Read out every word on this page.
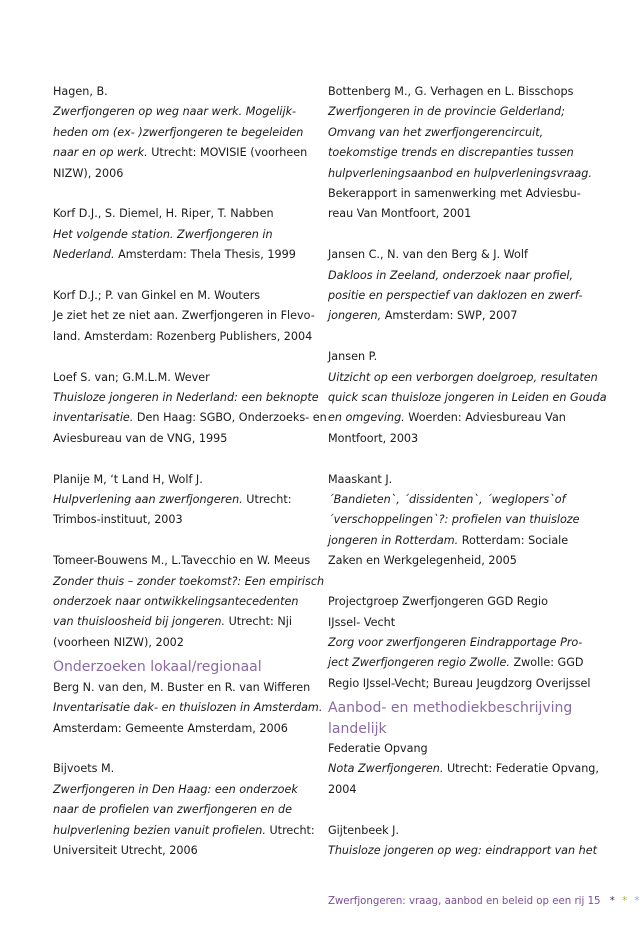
Hagen, B.
Zwerfjongeren op weg naar werk. Mogelijk-
heden om (ex- )zwerfjongeren te begeleiden
naar en op werk. Utrecht: MOVISIE (voorheen
NIZW), 2006
Korf D.J., S. Diemel, H. Riper, T. Nabben
Het volgende station. Zwerfjongeren in
Nederland. Amsterdam: Thela Thesis, 1999
Korf D.J.; P. van Ginkel en M. Wouters
Je ziet het ze niet aan. Zwerfjongeren in Flevo-
land. Amsterdam: Rozenberg Publishers, 2004
Loef S. van; G.M.L.M. Wever
Thuisloze jongeren in Nederland: een beknopte
inventarisatie. Den Haag: SGBO, Onderzoeks- en
Aviesbureau van de VNG, 1995
Planije M, ‘t Land H, Wolf J.
Hulpverlening aan zwerfjongeren. Utrecht:
Trimbos-instituut, 2003
Tomeer-Bouwens M., L.Tavecchio en W. Meeus
Zonder thuis – zonder toekomst?: Een empirisch
onderzoek naar ontwikkelingsantecedenten
van thuisloosheid bij jongeren. Utrecht: Nji
(voorheen NIZW), 2002
Onderzoeken lokaal/regionaal
Berg N. van den, M. Buster en R. van Wifferen
Inventarisatie dak- en thuislozen in Amsterdam.
Amsterdam: Gemeente Amsterdam, 2006
Bijvoets M.
Zwerfjongeren in Den Haag: een onderzoek
naar de profielen van zwerfjongeren en de
hulpverlening bezien vanuit profielen. Utrecht:
Universiteit Utrecht, 2006
Bottenberg M., G. Verhagen en L. Bisschops
Zwerfjongeren in de provincie Gelderland;
Omvang van het zwerfjongerencircuit,
toekomstige trends en discrepanties tussen
hulpverleningsaanbod en hulpverleningsvraag.
Bekerapport in samenwerking met Adviesbu-
reau Van Montfoort, 2001
Jansen C., N. van den Berg & J. Wolf
Dakloos in Zeeland, onderzoek naar profiel,
positie en perspectief van daklozen en zwerf-
jongeren, Amsterdam: SWP, 2007
Jansen P.
Uitzicht op een verborgen doelgroep, resultaten
quick scan thuisloze jongeren in Leiden en Gouda
en omgeving. Woerden: Adviesbureau Van
Montfoort, 2003
Maaskant J.
´Bandieten`, ´dissidenten`, ´weglopers`of
´verschoppelingen`?: profielen van thuisloze
jongeren in Rotterdam. Rotterdam: Sociale
Zaken en Werkgelegenheid, 2005
Projectgroep Zwerfjongeren GGD Regio
IJssel- Vecht
Zorg voor zwerfjongeren Eindrapportage Pro-
ject Zwerfjongeren regio Zwolle. Zwolle: GGD
Regio IJssel-Vecht; Bureau Jeugdzorg Overijssel
Aanbod- en methodiekbeschrijving
landelijk
Federatie Opvang
Nota Zwerfjongeren. Utrecht: Federatie Opvang,
2004
Gijtenbeek J.
Thuisloze jongeren op weg: eindrapport van het
Zwerfjongeren: vraag, aanbod en beleid op een rij 15 * * *
